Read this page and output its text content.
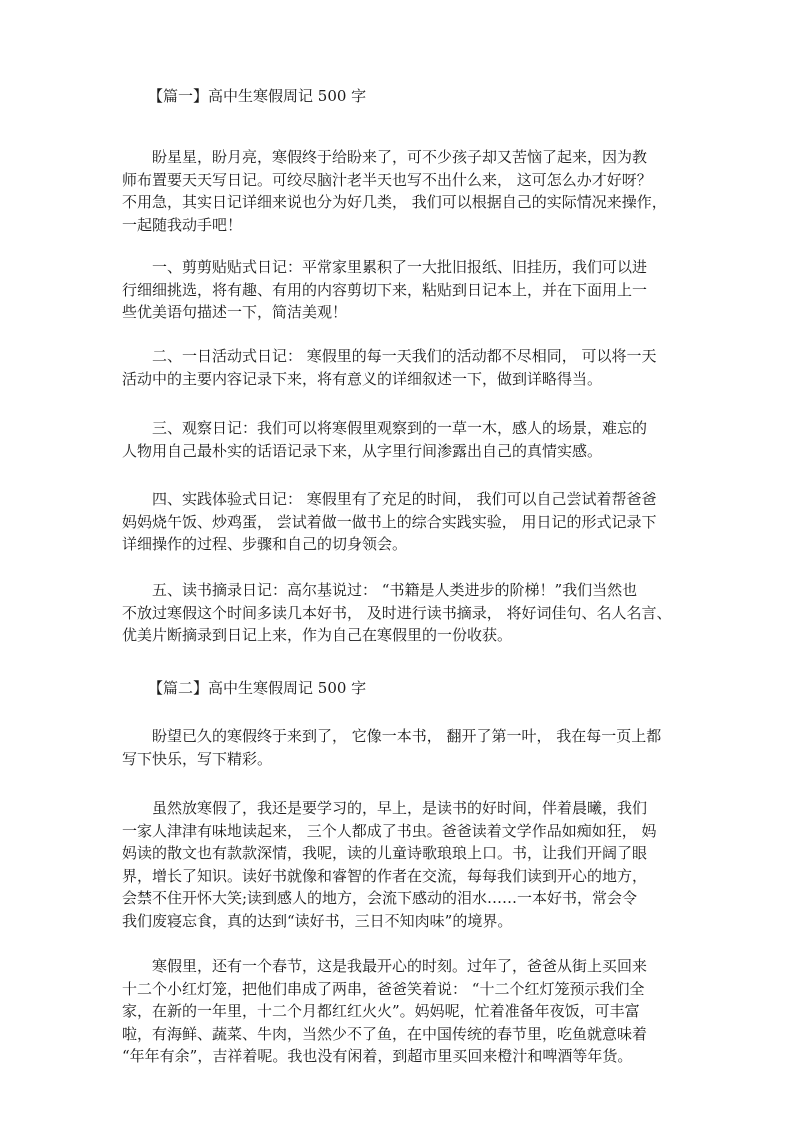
【篇一】高中生寒假周记 500 字
盼星星，盼月亮，寒假终于给盼来了，可不少孩子却又苦恼了起来，因为教
师布置要天天写日记。可绞尽脑汁老半天也写不出什么来， 这可怎么办才好呀？
不用急，其实日记详细来说也分为好几类， 我们可以根据自己的实际情况来操作，
一起随我动手吧！
一、剪剪贴贴式日记：平常家里累积了一大批旧报纸、旧挂历，我们可以进
行细细挑选，将有趣、有用的内容剪切下来，粘贴到日记本上，并在下面用上一
些优美语句描述一下，简洁美观！
二、一日活动式日记： 寒假里的每一天我们的活动都不尽相同， 可以将一天
活动中的主要内容记录下来，将有意义的详细叙述一下，做到详略得当。
三、观察日记：我们可以将寒假里观察到的一草一木，感人的场景，难忘的
人物用自己最朴实的话语记录下来，从字里行间渗露出自己的真情实感。
四、实践体验式日记： 寒假里有了充足的时间， 我们可以自己尝试着帮爸爸
妈妈烧午饭、炒鸡蛋， 尝试着做一做书上的综合实践实验， 用日记的形式记录下
详细操作的过程、步骤和自己的切身领会。
五、读书摘录日记：高尔基说过： “书籍是人类进步的阶梯！”我们当然也
不放过寒假这个时间多读几本好书， 及时进行读书摘录， 将好词佳句、名人名言、
优美片断摘录到日记上来，作为自己在寒假里的一份收获。
【篇二】高中生寒假周记 500 字
盼望已久的寒假终于来到了， 它像一本书， 翻开了第一叶， 我在每一页上都
写下快乐，写下精彩。
虽然放寒假了，我还是要学习的，早上，是读书的好时间，伴着晨曦，我们
一家人津津有味地读起来， 三个人都成了书虫。爸爸读着文学作品如痴如狂， 妈
妈读的散文也有款款深情，我呢，读的儿童诗歌琅琅上口。书，让我们开阔了眼
界，增长了知识。读好书就像和睿智的作者在交流，每每我们读到开心的地方，
会禁不住开怀大笑;读到感人的地方，会流下感动的泪水……一本好书，常会令
我们废寝忘食，真的达到“读好书，三日不知肉味”的境界。
寒假里，还有一个春节，这是我最开心的时刻。过年了，爸爸从街上买回来
十二个小红灯笼，把他们串成了两串，爸爸笑着说： “十二个红灯笼预示我们全
家，在新的一年里，十二个月都红红火火”。妈妈呢，忙着准备年夜饭，可丰富
啦，有海鲜、蔬菜、牛肉，当然少不了鱼，在中国传统的春节里，吃鱼就意味着
“年年有余”，吉祥着呢。我也没有闲着，到超市里买回来橙汁和啤酒等年货。
